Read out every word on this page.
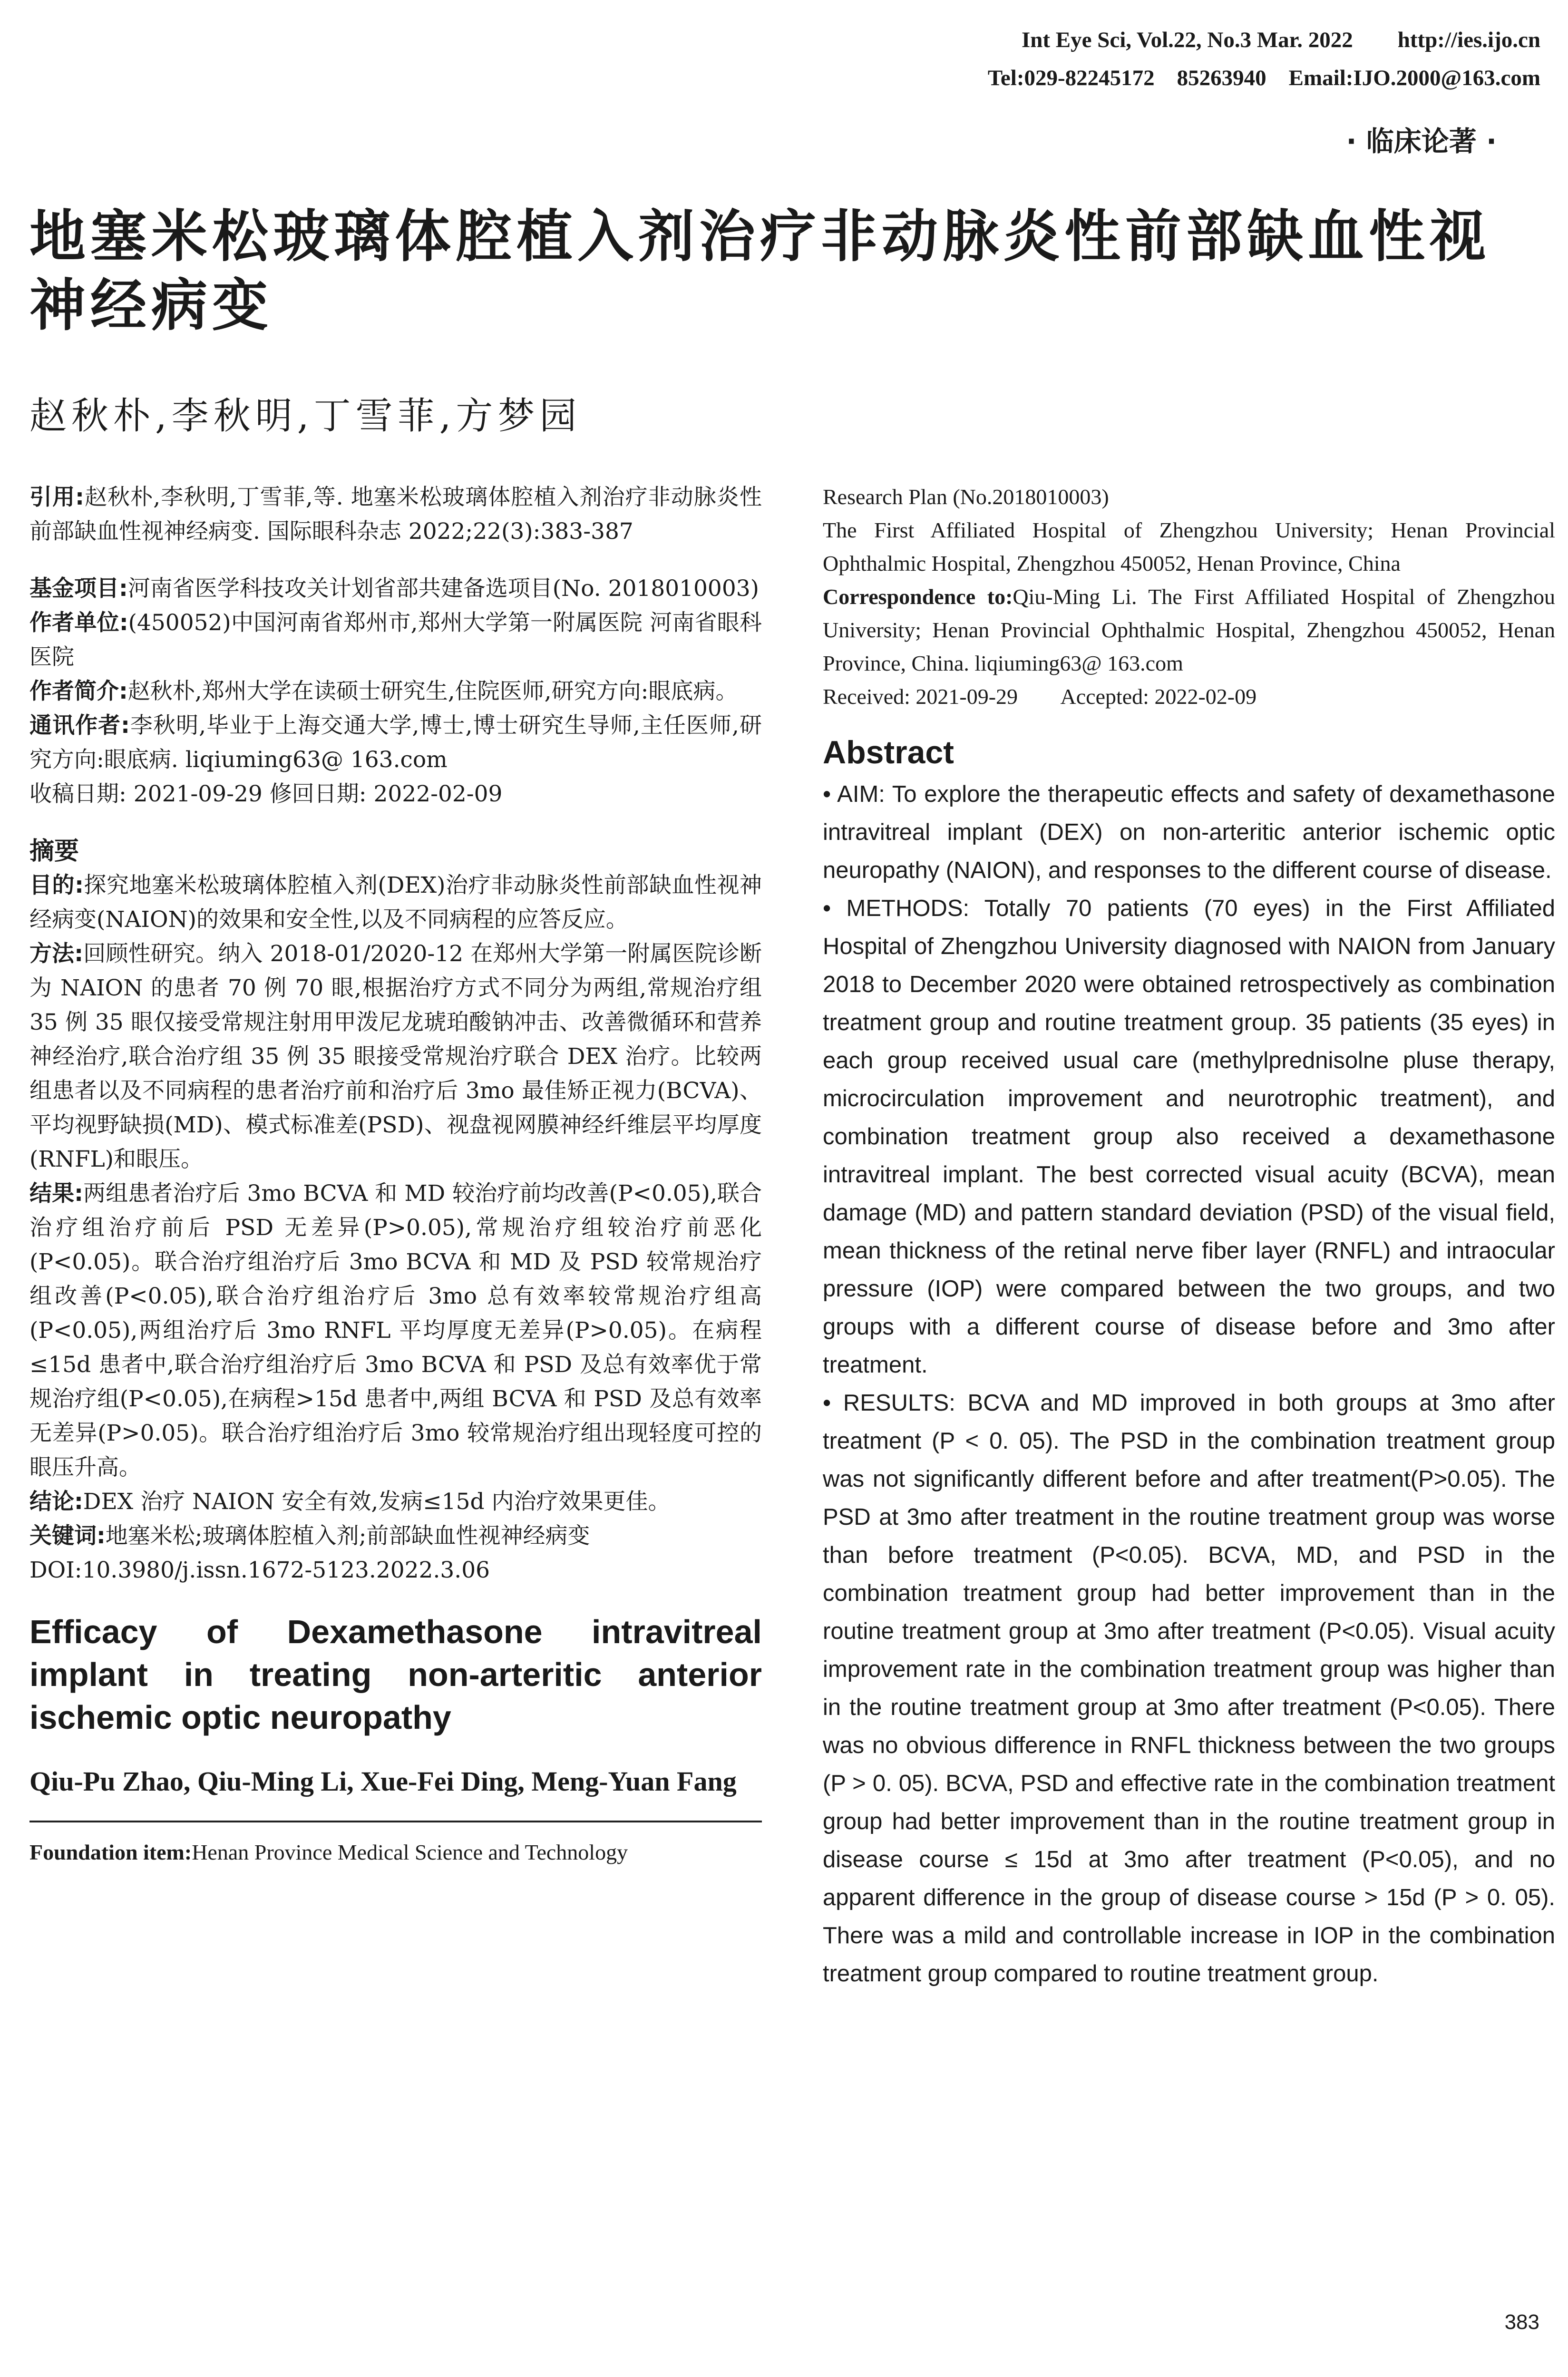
Int Eye Sci, Vol.22, No.3 Mar. 2022        http://ies.ijo.cn
Tel:029-82245172    85263940    Email:IJO.2000@163.com
· 临床论著 ·
地塞米松玻璃体腔植入剂治疗非动脉炎性前部缺血性视神经病变
赵秋朴,李秋明,丁雪菲,方梦园

引用:赵秋朴,李秋明,丁雪菲,等. 地塞米松玻璃体腔植入剂治疗非动脉炎性前部缺血性视神经病变. 国际眼科杂志 2022;22(3):383-387

基金项目:河南省医学科技攻关计划省部共建备选项目(No. 2018010003)

作者单位:(450052)中国河南省郑州市,郑州大学第一附属医院 河南省眼科医院

作者简介:赵秋朴,郑州大学在读硕士研究生,住院医师,研究方向:眼底病。

通讯作者:李秋明,毕业于上海交通大学,博士,博士研究生导师,主任医师,研究方向:眼底病. liqiuming63@ 163.com

收稿日期: 2021-09-29 修回日期: 2022-02-09

摘要

目的:探究地塞米松玻璃体腔植入剂(DEX)治疗非动脉炎性前部缺血性视神经病变(NAION)的效果和安全性,以及不同病程的应答反应。

方法:回顾性研究。纳入 2018-01/2020-12 在郑州大学第一附属医院诊断为 NAION 的患者 70 例 70 眼,根据治疗方式不同分为两组,常规治疗组 35 例 35 眼仅接受常规注射用甲泼尼龙琥珀酸钠冲击、改善微循环和营养神经治疗,联合治疗组 35 例 35 眼接受常规治疗联合 DEX 治疗。比较两组患者以及不同病程的患者治疗前和治疗后 3mo 最佳矫正视力(BCVA)、平均视野缺损(MD)、模式标准差(PSD)、视盘视网膜神经纤维层平均厚度(RNFL)和眼压。

结果:两组患者治疗后 3mo BCVA 和 MD 较治疗前均改善(P<0.05),联合治疗组治疗前后 PSD 无差异(P>0.05),常规治疗组较治疗前恶化(P<0.05)。联合治疗组治疗后 3mo BCVA 和 MD 及 PSD 较常规治疗组改善(P<0.05),联合治疗组治疗后 3mo 总有效率较常规治疗组高(P<0.05),两组治疗后 3mo RNFL 平均厚度无差异(P>0.05)。在病程≤15d 患者中,联合治疗组治疗后 3mo BCVA 和 PSD 及总有效率优于常规治疗组(P<0.05),在病程>15d 患者中,两组 BCVA 和 PSD 及总有效率无差异(P>0.05)。联合治疗组治疗后 3mo 较常规治疗组出现轻度可控的眼压升高。

结论:DEX 治疗 NAION 安全有效,发病≤15d 内治疗效果更佳。

关键词:地塞米松;玻璃体腔植入剂;前部缺血性视神经病变

DOI:10.3980/j.issn.1672-5123.2022.3.06

Efficacy of Dexamethasone intravitreal implant in treating non-arteritic anterior ischemic optic neuropathy

Qiu-Pu Zhao, Qiu-Ming Li, Xue-Fei Ding, Meng-Yuan Fang

Foundation item:Henan Province Medical Science and Technology

Research Plan (No.2018010003)

The First Affiliated Hospital of Zhengzhou University; Henan Provincial Ophthalmic Hospital, Zhengzhou 450052, Henan Province, China

Correspondence to:Qiu-Ming Li. The First Affiliated Hospital of Zhengzhou University; Henan Provincial Ophthalmic Hospital, Zhengzhou 450052, Henan Province, China. liqiuming63@ 163.com

Received: 2021-09-29        Accepted: 2022-02-09

Abstract

• AIM: To explore the therapeutic effects and safety of dexamethasone intravitreal implant (DEX) on non-arteritic anterior ischemic optic neuropathy (NAION), and responses to the different course of disease.

• METHODS: Totally 70 patients (70 eyes) in the First Affiliated Hospital of Zhengzhou University diagnosed with NAION from January 2018 to December 2020 were obtained retrospectively as combination treatment group and routine treatment group. 35 patients (35 eyes) in each group received usual care (methylprednisolne pluse therapy, microcirculation improvement and neurotrophic treatment), and combination treatment group also received a dexamethasone intravitreal implant. The best corrected visual acuity (BCVA), mean damage (MD) and pattern standard deviation (PSD) of the visual field, mean thickness of the retinal nerve fiber layer (RNFL) and intraocular pressure (IOP) were compared between the two groups, and two groups with a different course of disease before and 3mo after treatment.

• RESULTS: BCVA and MD improved in both groups at 3mo after treatment (P < 0. 05). The PSD in the combination treatment group was not significantly different before and after treatment(P>0.05). The PSD at 3mo after treatment in the routine treatment group was worse than before treatment (P<0.05). BCVA, MD, and PSD in the combination treatment group had better improvement than in the routine treatment group at 3mo after treatment (P<0.05). Visual acuity improvement rate in the combination treatment group was higher than in the routine treatment group at 3mo after treatment (P<0.05). There was no obvious difference in RNFL thickness between the two groups (P > 0. 05). BCVA, PSD and effective rate in the combination treatment group had better improvement than in the routine treatment group in disease course ≤ 15d at 3mo after treatment (P<0.05), and no apparent difference in the group of disease course > 15d (P > 0. 05). There was a mild and controllable increase in IOP in the combination treatment group compared to routine treatment group.

383
